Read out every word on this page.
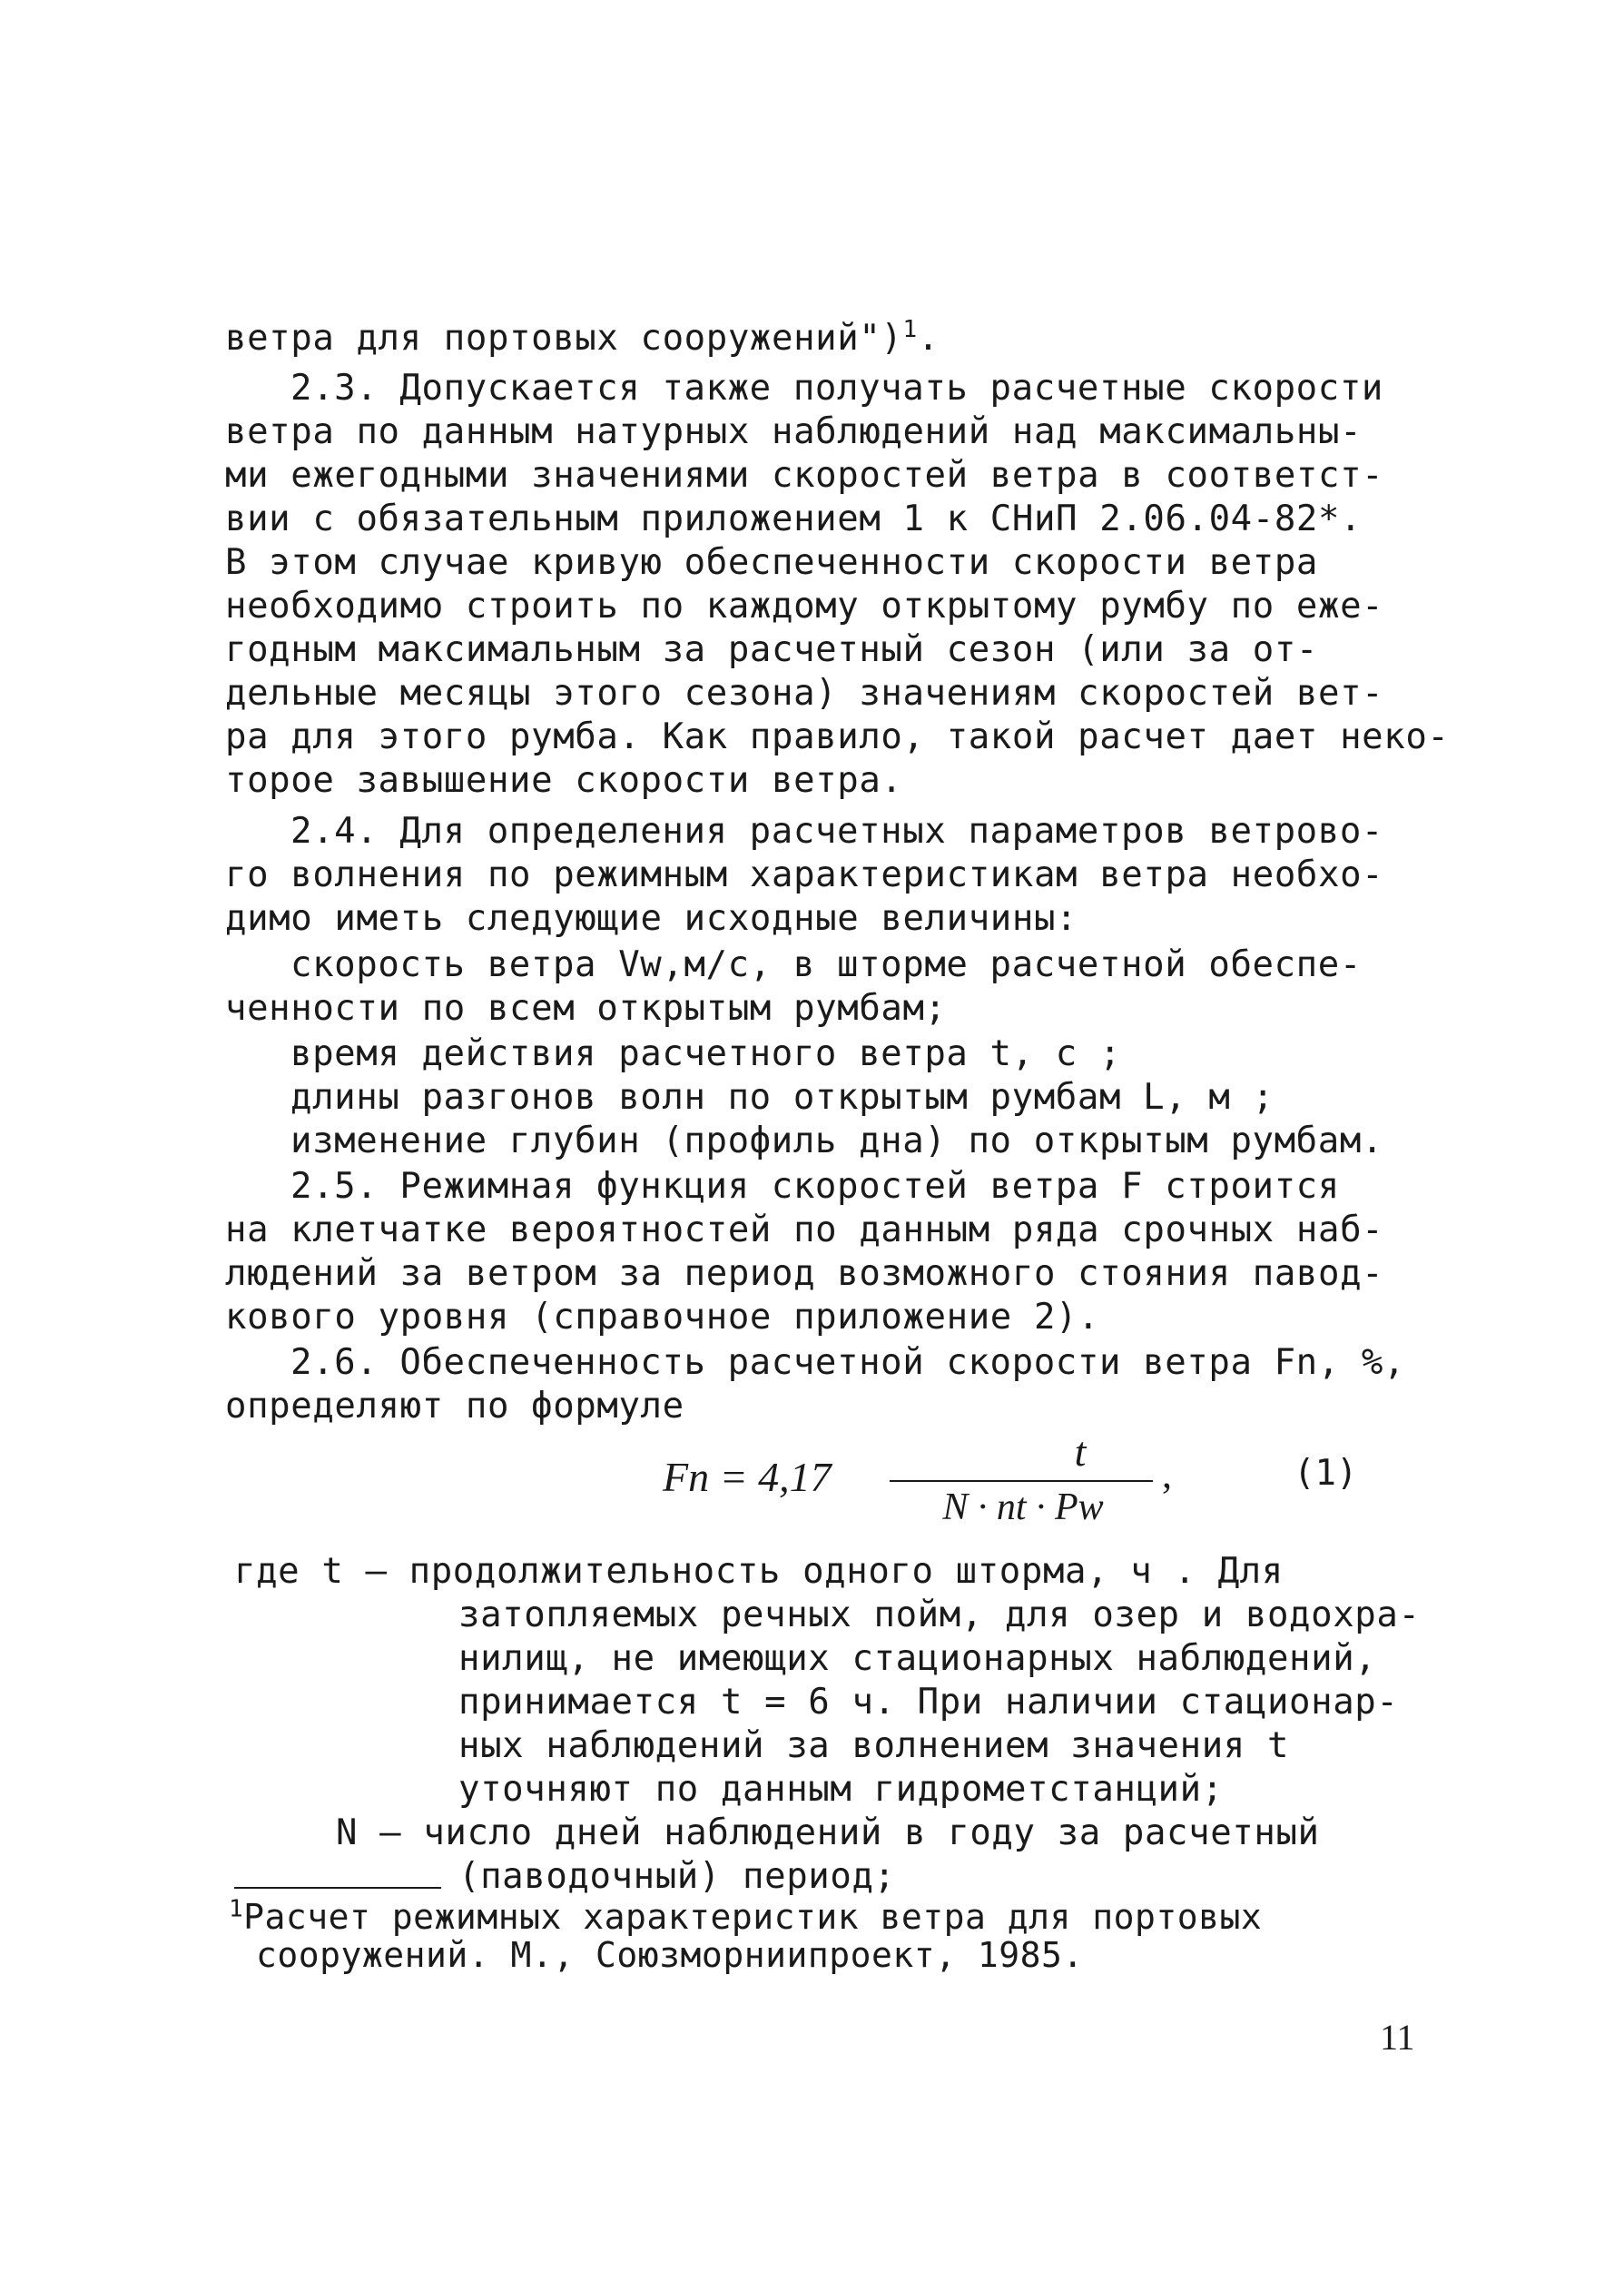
ветра для портовых сооружений")$^1$.
2.3. Допускается также получать расчетные скорости
ветра по данным натурных наблюдений над максимальны-
ми ежегодными значениями скоростей ветра в соответст-
вии с обязательным приложением 1 к СНиП 2.06.04-82*.
В этом случае кривую обеспеченности скорости ветра
необходимо строить по каждому открытому румбу по еже-
годным максимальным за расчетный сезон (или за от-
дельные месяцы этого сезона) значениям скоростей вет-
ра для этого румба. Как правило, такой расчет дает неко-
торое завышение скорости ветра.
2.4. Для определения расчетных параметров ветрово-
го волнения по режимным характеристикам ветра необхо-
димо иметь следующие исходные величины:
скорость ветра Vw,м/с, в шторме расчетной обеспе-
ченности по всем открытым румбам;
время действия расчетного ветра t, с ;
длины разгонов волн по открытым румбам L, м ;
изменение глубин (профиль дна) по открытым румбам.
2.5. Режимная функция скоростей ветра F строится
на клетчатке вероятностей по данным ряда срочных наб-
людений за ветром за период возможного стояния павод-
кового уровня (справочное приложение 2).
2.6. Обеспеченность расчетной скорости ветра Fn, %,
определяют по формуле
Fn = 4,17
t
N · nt · Pw
,	(1)
где t – продолжительность одного шторма, ч . Для
затопляемых речных пойм, для озер и водохра-
нилищ, не имеющих стационарных наблюдений,
принимается t = 6 ч. При наличии стационар-
ных наблюдений за волнением значения t
уточняют по данным гидрометстанций;
N – число дней наблюдений в году за расчетный
(паводочный) период;
$^1$Расчет режимных характеристик ветра для портовых
сооружений. М., Союзморниипроект, 1985.
11
